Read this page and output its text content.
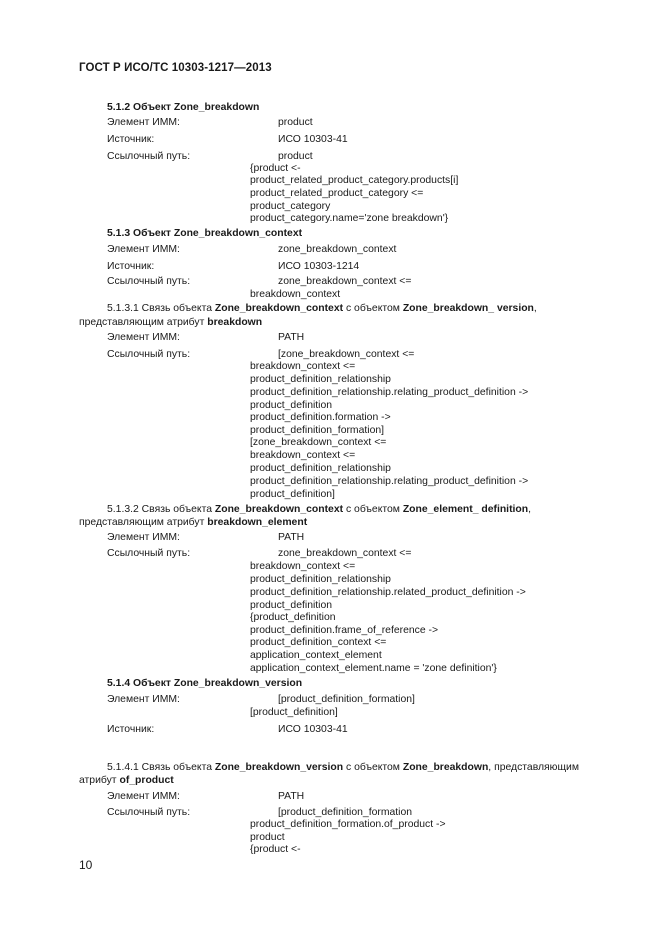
ГОСТ Р ИСО/ТС 10303-1217—2013
5.1.2 Объект Zone_breakdown
Элемент ИММ:	product
Источник:	ИСО 10303-41
Ссылочный путь:	product
{product <-
product_related_product_category.products[i]
product_related_product_category <=
product_category
product_category.name='zone breakdown'}
5.1.3 Объект Zone_breakdown_context
Элемент ИММ:	zone_breakdown_context
Источник:	ИСО 10303-1214
Ссылочный путь:	zone_breakdown_context <=
breakdown_context
5.1.3.1 Связь объекта Zone_breakdown_context с объектом Zone_breakdown_ version,
представляющим атрибут breakdown
Элемент ИММ:	PATH
Ссылочный путь:	[zone_breakdown_context <=
breakdown_context <=
product_definition_relationship
product_definition_relationship.relating_product_definition ->
product_definition
product_definition.formation ->
product_definition_formation]
[zone_breakdown_context <=
breakdown_context <=
product_definition_relationship
product_definition_relationship.relating_product_definition ->
product_definition]
5.1.3.2 Связь объекта Zone_breakdown_context с объектом Zone_element_ definition,
представляющим атрибут breakdown_element
Элемент ИММ:	PATH
Ссылочный путь:	zone_breakdown_context <=
breakdown_context <=
product_definition_relationship
product_definition_relationship.related_product_definition ->
product_definition
{product_definition
product_definition.frame_of_reference ->
product_definition_context <=
application_context_element
application_context_element.name = 'zone definition'}
5.1.4 Объект Zone_breakdown_version
Элемент ИММ:	[product_definition_formation]
[product_definition]
Источник:	ИСО 10303-41
5.1.4.1 Связь объекта Zone_breakdown_version с объектом Zone_breakdown, представляющим
атрибут of_product
Элемент ИММ:	PATH
Ссылочный путь:	[product_definition_formation
product_definition_formation.of_product ->
product
{product <-
10
